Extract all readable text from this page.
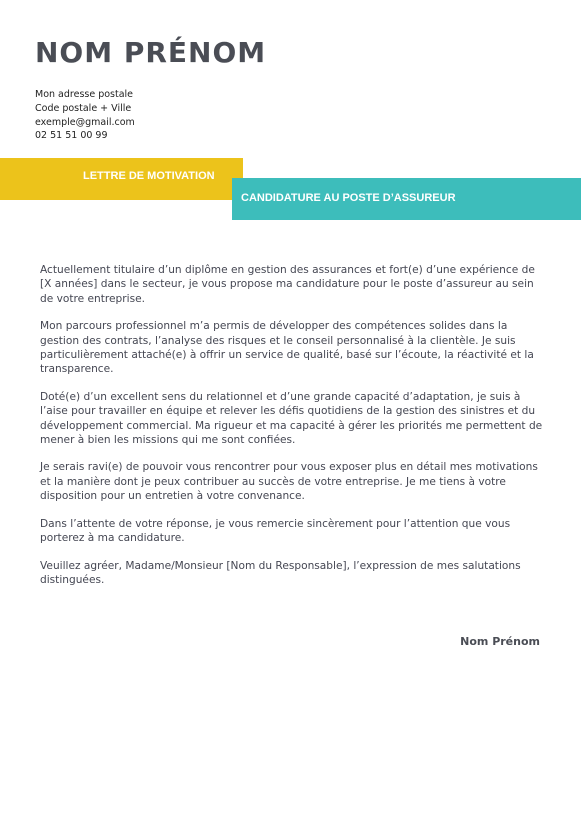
NOM PRÉNOM
Mon adresse postale
Code postale + Ville
exemple@gmail.com
02 51 51 00 99
LETTRE DE MOTIVATION
CANDIDATURE AU POSTE D’ASSUREUR

Actuellement titulaire d’un diplôme en gestion des assurances et fort(e) d’une expérience de [X années] dans le secteur, je vous propose ma candidature pour le poste d’assureur au sein de votre entreprise.

Mon parcours professionnel m’a permis de développer des compétences solides dans la gestion des contrats, l’analyse des risques et le conseil personnalisé à la clientèle. Je suis particulièrement attaché(e) à offrir un service de qualité, basé sur l’écoute, la réactivité et la transparence.

Doté(e) d’un excellent sens du relationnel et d’une grande capacité d’adaptation, je suis à l’aise pour travailler en équipe et relever les défis quotidiens de la gestion des sinistres et du développement commercial. Ma rigueur et ma capacité à gérer les priorités me permettent de mener à bien les missions qui me sont confiées.

Je serais ravi(e) de pouvoir vous rencontrer pour vous exposer plus en détail mes motivations et la manière dont je peux contribuer au succès de votre entreprise. Je me tiens à votre disposition pour un entretien à votre convenance.

Dans l’attente de votre réponse, je vous remercie sincèrement pour l’attention que vous porterez à ma candidature.

Veuillez agréer, Madame/Monsieur [Nom du Responsable], l’expression de mes salutations distinguées.

Nom Prénom
